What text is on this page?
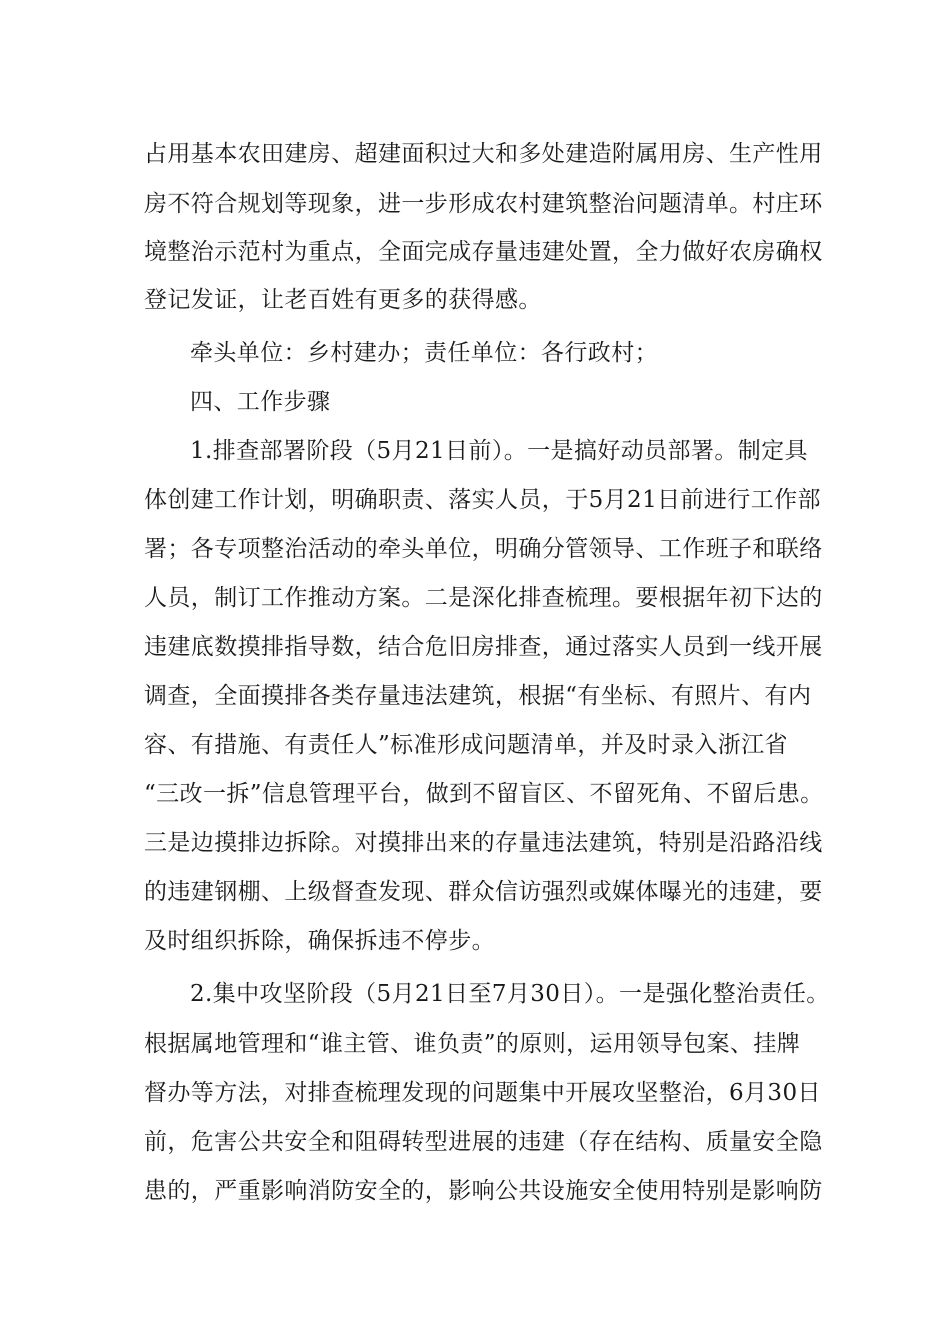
占用基本农田建房、超建面积过大和多处建造附属用房、生产性用

房不符合规划等现象，进一步形成农村建筑整治问题清单。村庄环

境整治示范村为重点，全面完成存量违建处置，全力做好农房确权

登记发证，让老百姓有更多的获得感。

牵头单位：乡村建办；责任单位：各行政村；

四、工作步骤

1.排查部署阶段（5月21日前）。一是搞好动员部署。制定具

体创建工作计划，明确职责、落实人员，于5月21日前进行工作部

署；各专项整治活动的牵头单位，明确分管领导、工作班子和联络

人员，制订工作推动方案。二是深化排查梳理。要根据年初下达的

违建底数摸排指导数，结合危旧房排查，通过落实人员到一线开展

调查，全面摸排各类存量违法建筑，根据“有坐标、有照片、有内

容、有措施、有责任人”标准形成问题清单，并及时录入浙江省

“三改一拆”信息管理平台，做到不留盲区、不留死角、不留后患。

三是边摸排边拆除。对摸排出来的存量违法建筑，特别是沿路沿线

的违建钢棚、上级督查发现、群众信访强烈或媒体曝光的违建，要

及时组织拆除，确保拆违不停步。

2.集中攻坚阶段（5月21日至7月30日）。一是强化整治责任。

根据属地管理和“谁主管、谁负责”的原则，运用领导包案、挂牌

督办等方法，对排查梳理发现的问题集中开展攻坚整治，6月30日

前，危害公共安全和阻碍转型进展的违建（存在结构、质量安全隐

患的，严重影响消防安全的，影响公共设施安全使用特别是影响防
